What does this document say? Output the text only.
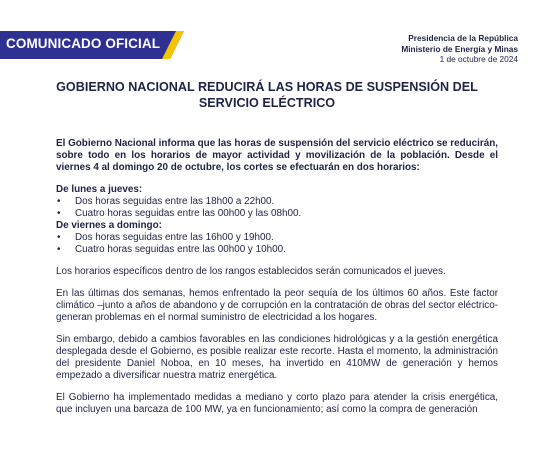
COMUNICADO OFICIAL	Presidencia de la República
Ministerio de Energía y Minas
1 de octubre de 2024
GOBIERNO NACIONAL REDUCIRÁ LAS HORAS DE SUSPENSIÓN DEL SERVICIO ELÉCTRICO

El Gobierno Nacional informa que las horas de suspensión del servicio eléctrico se reducirán, sobre todo en los horarios de mayor actividad y movilización de la población. Desde el viernes 4 al domingo 20 de octubre, los cortes se efectuarán en dos horarios:

De lunes a jueves:
• Dos horas seguidas entre las 18h00 a 22h00.
• Cuatro horas seguidas entre las 00h00 y las 08h00.
De viernes a domingo:
• Dos horas seguidas entre las 16h00 y 19h00.
• Cuatro horas seguidas entre las 00h00 y 10h00.

Los horarios específicos dentro de los rangos establecidos serán comunicados el jueves.

En las últimas dos semanas, hemos enfrentado la peor sequía de los últimos 60 años. Este factor climático –junto a años de abandono y de corrupción en la contratación de obras del sector eléctrico- generan problemas en el normal suministro de electricidad a los hogares.

Sin embargo, debido a cambios favorables en las condiciones hidrológicas y a la gestión energética desplegada desde el Gobierno, es posible realizar este recorte. Hasta el momento, la administración del presidente Daniel Noboa, en 10 meses, ha invertido en 410MW de generación y hemos empezado a diversificar nuestra matriz energética.

El Gobierno ha implementado medidas a mediano y corto plazo para atender la crisis energética, que incluyen una barcaza de 100 MW, ya en funcionamiento; así como la compra de generación
